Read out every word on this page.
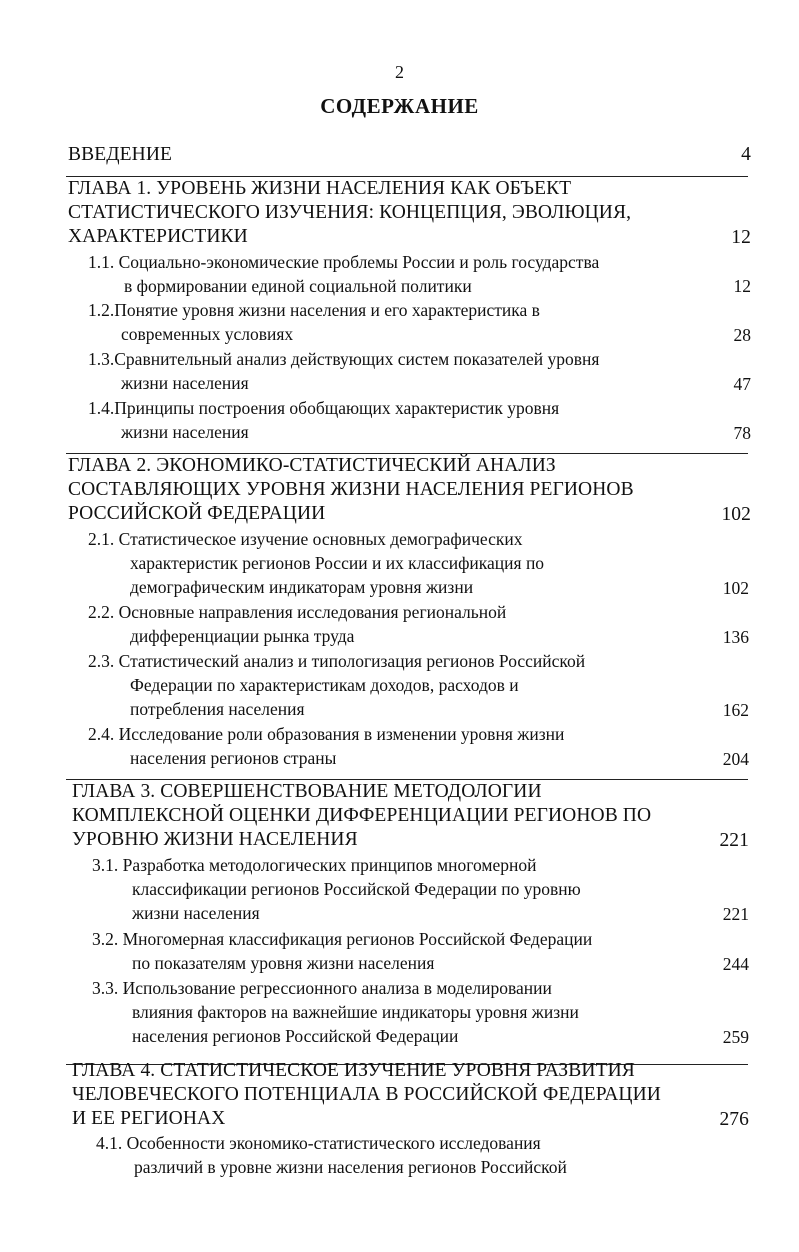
2
СОДЕРЖАНИЕ
ВВЕДЕНИЕ	4
ГЛАВА 1. УРОВЕНЬ ЖИЗНИ НАСЕЛЕНИЯ КАК ОБЪЕКТ
СТАТИСТИЧЕСКОГО ИЗУЧЕНИЯ: КОНЦЕПЦИЯ, ЭВОЛЮЦИЯ,
ХАРАКТЕРИСТИКИ	12
1.1. Социально-экономические проблемы России и роль государства
в формировании единой социальной политики	12
1.2.Понятие уровня жизни населения и его характеристика в
современных условиях	28
1.3.Сравнительный анализ действующих систем показателей уровня
жизни населения	47
1.4.Принципы построения обобщающих характеристик уровня
жизни населения	78
ГЛАВА 2. ЭКОНОМИКО-СТАТИСТИЧЕСКИЙ АНАЛИЗ
СОСТАВЛЯЮЩИХ УРОВНЯ ЖИЗНИ НАСЕЛЕНИЯ РЕГИОНОВ
РОССИЙСКОЙ ФЕДЕРАЦИИ	102
2.1. Статистическое изучение основных демографических
характеристик регионов России и их классификация по
демографическим индикаторам уровня жизни	102
2.2. Основные направления исследования региональной
дифференциации рынка труда	136
2.3. Статистический анализ и типологизация регионов Российской
Федерации по характеристикам доходов, расходов и
потребления населения	162
2.4. Исследование роли образования в изменении уровня жизни
населения регионов страны	204
ГЛАВА 3. СОВЕРШЕНСТВОВАНИЕ МЕТОДОЛОГИИ
КОМПЛЕКСНОЙ ОЦЕНКИ ДИФФЕРЕНЦИАЦИИ РЕГИОНОВ ПО
УРОВНЮ ЖИЗНИ НАСЕЛЕНИЯ	221
3.1. Разработка методологических принципов многомерной
классификации регионов Российской Федерации по уровню
жизни населения	221
3.2. Многомерная классификация регионов Российской Федерации
по показателям уровня жизни населения	244
3.3. Использование регрессионного анализа в моделировании
влияния факторов на важнейшие индикаторы уровня жизни
населения регионов Российской Федерации	259
ГЛАВА 4. СТАТИСТИЧЕСКОЕ ИЗУЧЕНИЕ УРОВНЯ РАЗВИТИЯ
ЧЕЛОВЕЧЕСКОГО ПОТЕНЦИАЛА В РОССИЙСКОЙ ФЕДЕРАЦИИ
И ЕЕ РЕГИОНАХ	276
4.1. Особенности экономико-статистического исследования
различий в уровне жизни населения регионов Российской
